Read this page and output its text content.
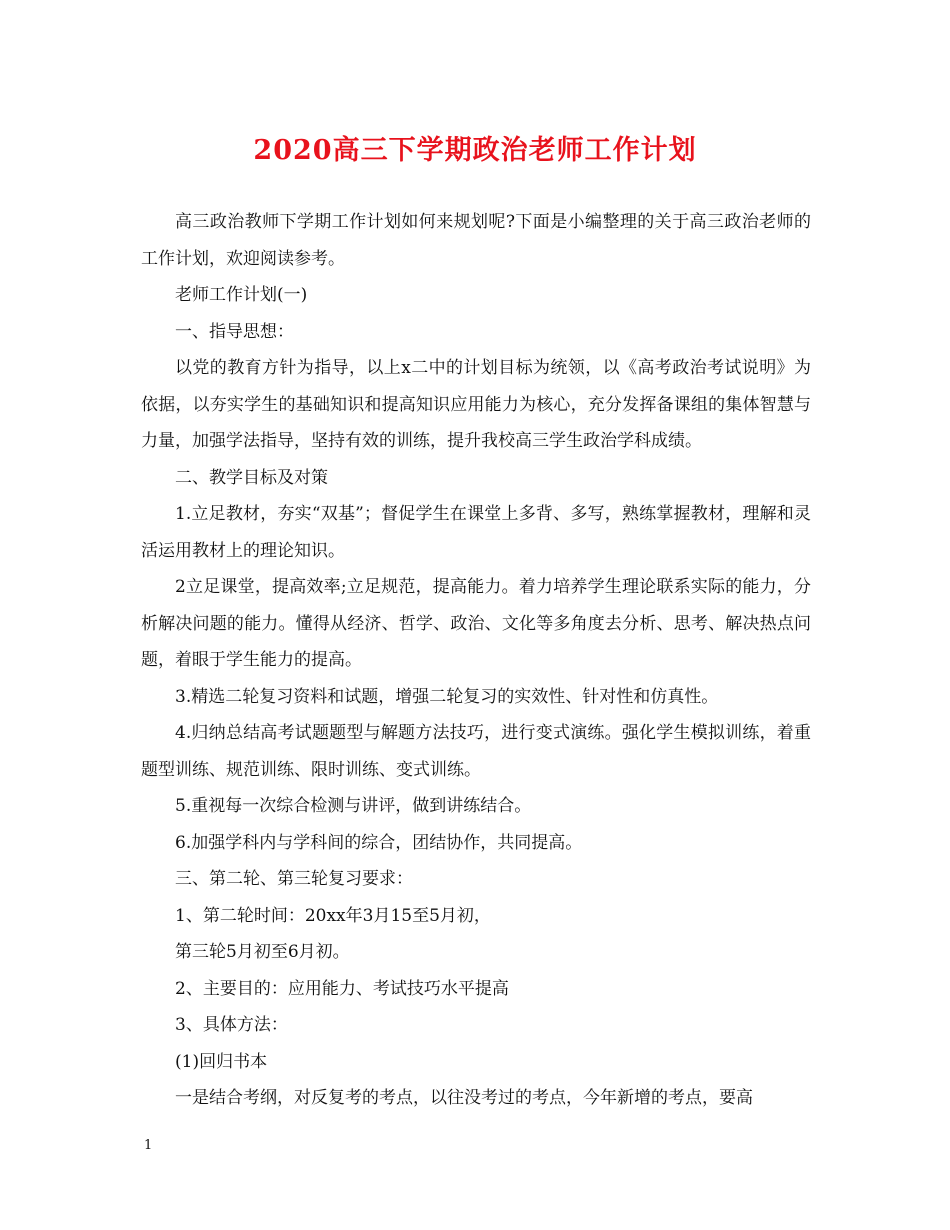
2020高三下学期政治老师工作计划

高三政治教师下学期工作计划如何来规划呢?下面是小编整理的关于高三政治老师的工作计划，欢迎阅读参考。

老师工作计划(一)

一、指导思想：

以党的教育方针为指导，以上x二中的计划目标为统领，以《高考政治考试说明》为依据，以夯实学生的基础知识和提高知识应用能力为核心，充分发挥备课组的集体智慧与力量，加强学法指导，坚持有效的训练，提升我校高三学生政治学科成绩。

二、教学目标及对策

1.立足教材，夯实“双基”；督促学生在课堂上多背、多写，熟练掌握教材，理解和灵活运用教材上的理论知识。

2立足课堂，提高效率;立足规范，提高能力。着力培养学生理论联系实际的能力，分析解决问题的能力。懂得从经济、哲学、政治、文化等多角度去分析、思考、解决热点问题，着眼于学生能力的提高。

3.精选二轮复习资料和试题，增强二轮复习的实效性、针对性和仿真性。

4.归纳总结高考试题题型与解题方法技巧，进行变式演练。强化学生模拟训练，着重题型训练、规范训练、限时训练、变式训练。

5.重视每一次综合检测与讲评，做到讲练结合。

6.加强学科内与学科间的综合，团结协作，共同提高。

三、第二轮、第三轮复习要求：

1、第二轮时间：20xx年3月15至5月初，

第三轮5月初至6月初。

2、主要目的：应用能力、考试技巧水平提高

3、具体方法：

(1)回归书本

一是结合考纲，对反复考的考点，以往没考过的考点，今年新增的考点，要高

1
